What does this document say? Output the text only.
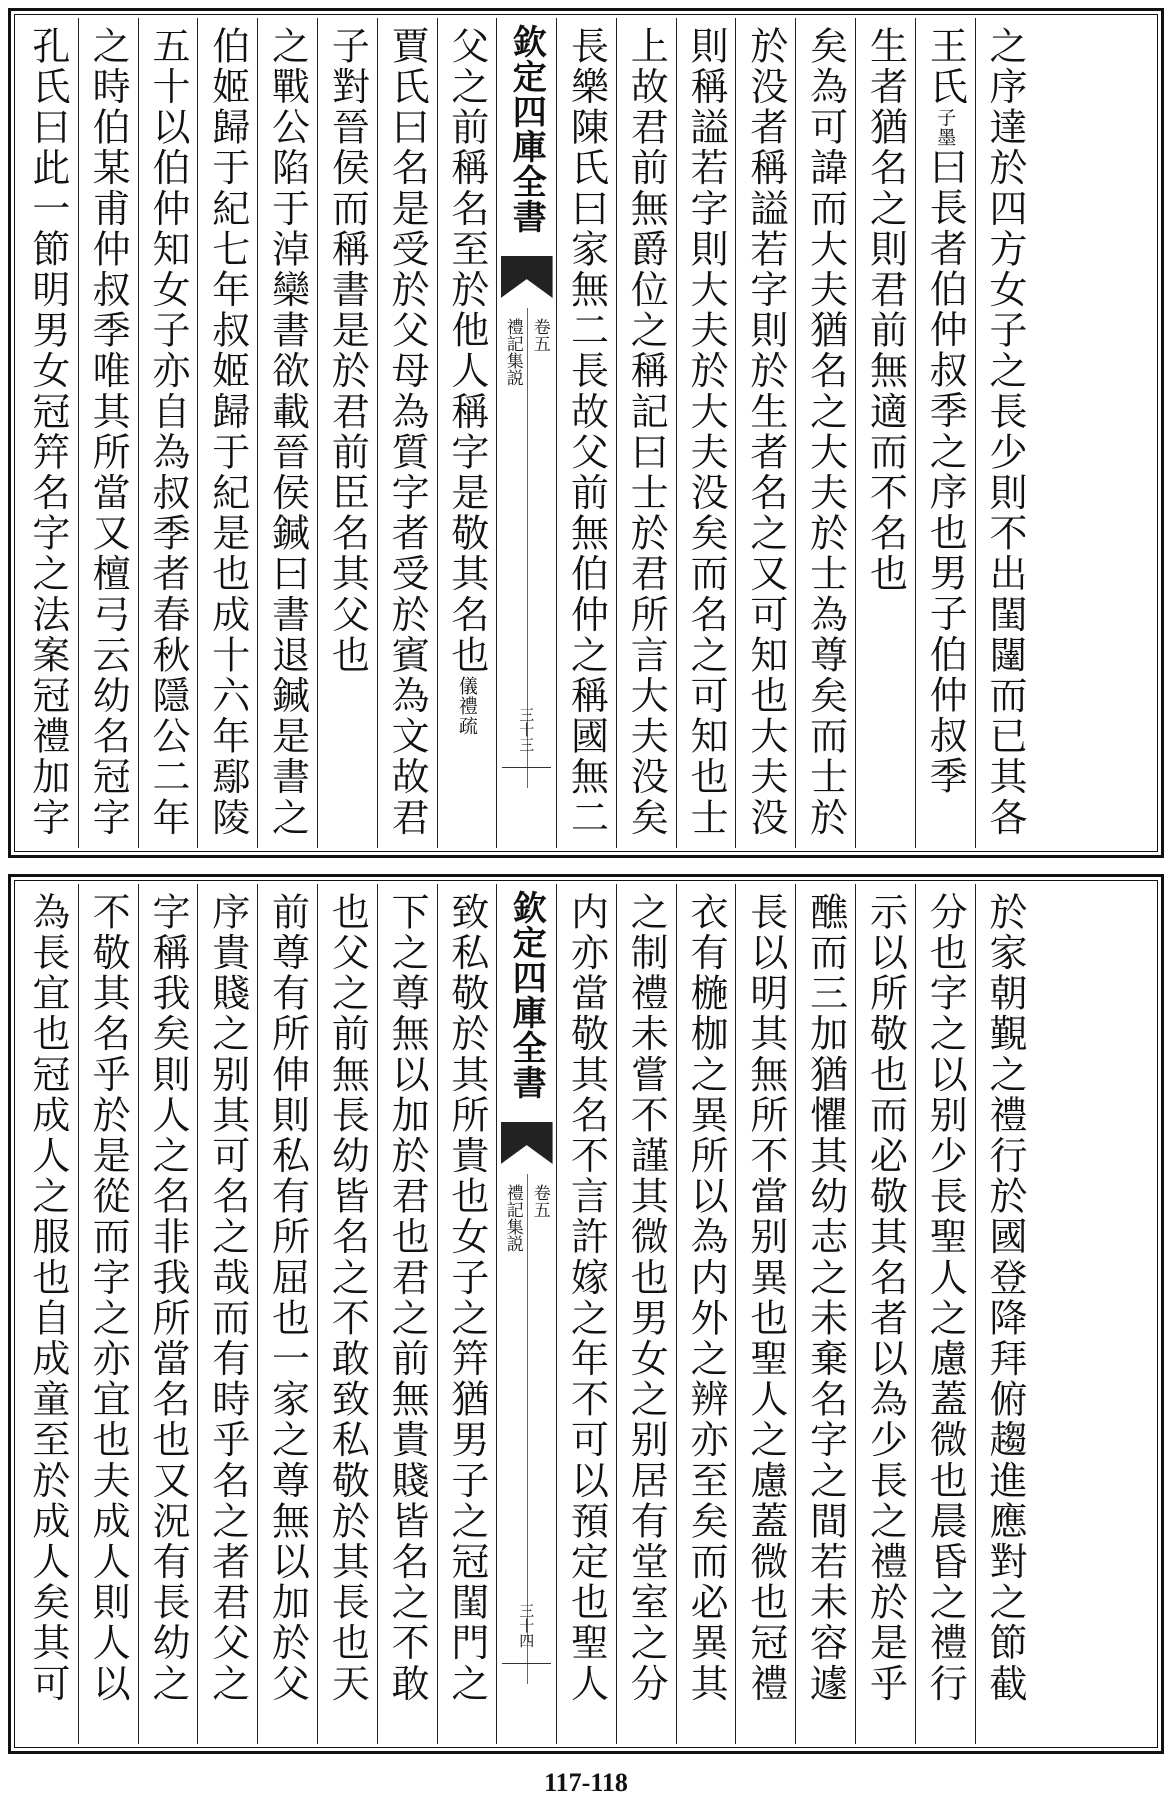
孔氏曰此一節明男女冠筓名字之法案冠禮加字 之時伯某甫仲叔季唯其所當又檀弓云幼名冠字 五十以伯仲知女子亦自為叔季者春秋隱公二年 伯姬歸于紀七年叔姬歸于紀是也成十六年鄢陵 之戰公陷于淖欒書欲載晉侯鍼曰書退鍼是書之 子對晉侯而稱書是於君前臣名其父也 賈氏曰名是受於父母為質字者受於賓為文故君 父之前稱名至於他人稱字是敬其名也儀禮疏
欽定四庫全書
禮記集説 卷五
三十三 長樂陳氏曰家無二長故父前無伯仲之稱國無二 上故君前無爵位之稱記曰士於君所言大夫没矣 則稱謚若字則大夫於大夫没矣而名之可知也士 於没者稱謚若字則於生者名之又可知也大夫没 矣為可諱而大夫猶名之大夫於士為尊矣而士於 生者猶名之則君前無適而不名也 王氏子墨曰長者伯仲叔季之序也男子伯仲叔季 之序達於四方女子之長少則不出閨闥而已其各
為長宜也冠成人之服也自成童至於成人矣其可 不敬其名乎於是從而字之亦宜也夫成人則人以 字稱我矣則人之名非我所當名也又況有長幼之 序貴賤之别其可名之哉而有時乎名之者君父之 前尊有所伸則私有所屈也一家之尊無以加於父 也父之前無長幼皆名之不敢致私敬於其長也天 下之尊無以加於君也君之前無貴賤皆名之不敢 致私敬於其所貴也女子之筓猶男子之冠閨門之 欽定四庫全書
禮記集説 卷五
三十四 内亦當敬其名不言許嫁之年不可以預定也聖人 之制禮未嘗不謹其微也男女之别居有堂室之分 衣有椸枷之異所以為内外之辨亦至矣而必異其 長以明其無所不當别異也聖人之慮蓋微也冠禮 醮而三加猶懼其幼志之未棄名字之間若未容遽 示以所敬也而必敬其名者以為少長之禮於是乎 分也字之以别少長聖人之慮蓋微也晨昏之禮行 於家朝覲之禮行於國登降拜俯趨進應對之節截
117-118
